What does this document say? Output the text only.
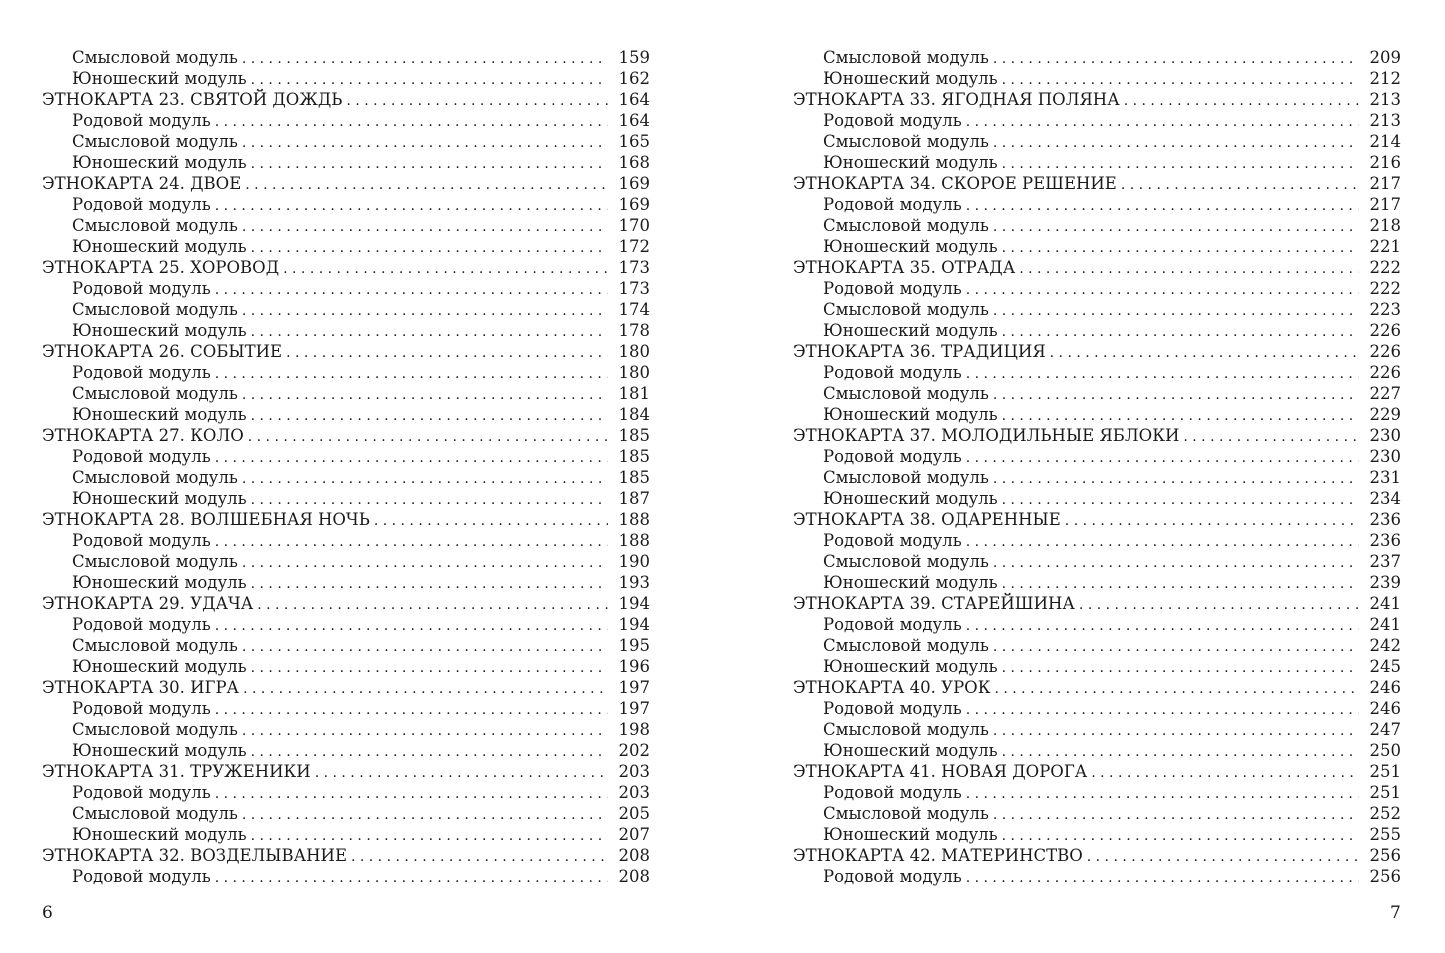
Смысловой модуль . . .	159
Юношеский модуль . . .	162
ЭТНОКАРТА 23. СВЯТОЙ ДОЖДЬ . . .	164
Родовой модуль . . .	164
Смысловой модуль . . .	165
Юношеский модуль . . .	168
ЭТНОКАРТА 24. ДВОЕ . . .	169
Родовой модуль . . .	169
Смысловой модуль . . .	170
Юношеский модуль . . .	172
ЭТНОКАРТА 25. ХОРОВОД . . .	173
Родовой модуль . . .	173
Смысловой модуль . . .	174
Юношеский модуль . . .	178
ЭТНОКАРТА 26. СОБЫТИЕ . . .	180
Родовой модуль . . .	180
Смысловой модуль . . .	181
Юношеский модуль . . .	184
ЭТНОКАРТА 27. КОЛО . . .	185
Родовой модуль . . .	185
Смысловой модуль . . .	185
Юношеский модуль . . .	187
ЭТНОКАРТА 28. ВОЛШЕБНАЯ НОЧЬ . . .	188
Родовой модуль . . .	188
Смысловой модуль . . .	190
Юношеский модуль . . .	193
ЭТНОКАРТА 29. УДАЧА . . .	194
Родовой модуль . . .	194
Смысловой модуль . . .	195
Юношеский модуль . . .	196
ЭТНОКАРТА 30. ИГРА . . .	197
Родовой модуль . . .	197
Смысловой модуль . . .	198
Юношеский модуль . . .	202
ЭТНОКАРТА 31. ТРУЖЕНИКИ . . .	203
Родовой модуль . . .	203
Смысловой модуль . . .	205
Юношеский модуль . . .	207
ЭТНОКАРТА 32. ВОЗДЕЛЫВАНИЕ . . .	208
Родовой модуль . . .	208
Смысловой модуль . . .	209
Юношеский модуль . . .	212
ЭТНОКАРТА 33. ЯГОДНАЯ ПОЛЯНА . . .	213
Родовой модуль . . .	213
Смысловой модуль . . .	214
Юношеский модуль . . .	216
ЭТНОКАРТА 34. СКОРОЕ РЕШЕНИЕ . . .	217
Родовой модуль . . .	217
Смысловой модуль . . .	218
Юношеский модуль . . .	221
ЭТНОКАРТА 35. ОТРАДА . . .	222
Родовой модуль . . .	222
Смысловой модуль . . .	223
Юношеский модуль . . .	226
ЭТНОКАРТА 36. ТРАДИЦИЯ . . .	226
Родовой модуль . . .	226
Смысловой модуль . . .	227
Юношеский модуль . . .	229
ЭТНОКАРТА 37. МОЛОДИЛЬНЫЕ ЯБЛОКИ . . .	230
Родовой модуль . . .	230
Смысловой модуль . . .	231
Юношеский модуль . . .	234
ЭТНОКАРТА 38. ОДАРЕННЫЕ . . .	236
Родовой модуль . . .	236
Смысловой модуль . . .	237
Юношеский модуль . . .	239
ЭТНОКАРТА 39. СТАРЕЙШИНА . . .	241
Родовой модуль . . .	241
Смысловой модуль . . .	242
Юношеский модуль . . .	245
ЭТНОКАРТА 40. УРОК . . .	246
Родовой модуль . . .	246
Смысловой модуль . . .	247
Юношеский модуль . . .	250
ЭТНОКАРТА 41. НОВАЯ ДОРОГА . . .	251
Родовой модуль . . .	251
Смысловой модуль . . .	252
Юношеский модуль . . .	255
ЭТНОКАРТА 42. МАТЕРИНСТВО . . .	256
Родовой модуль . . .	256
6	7
